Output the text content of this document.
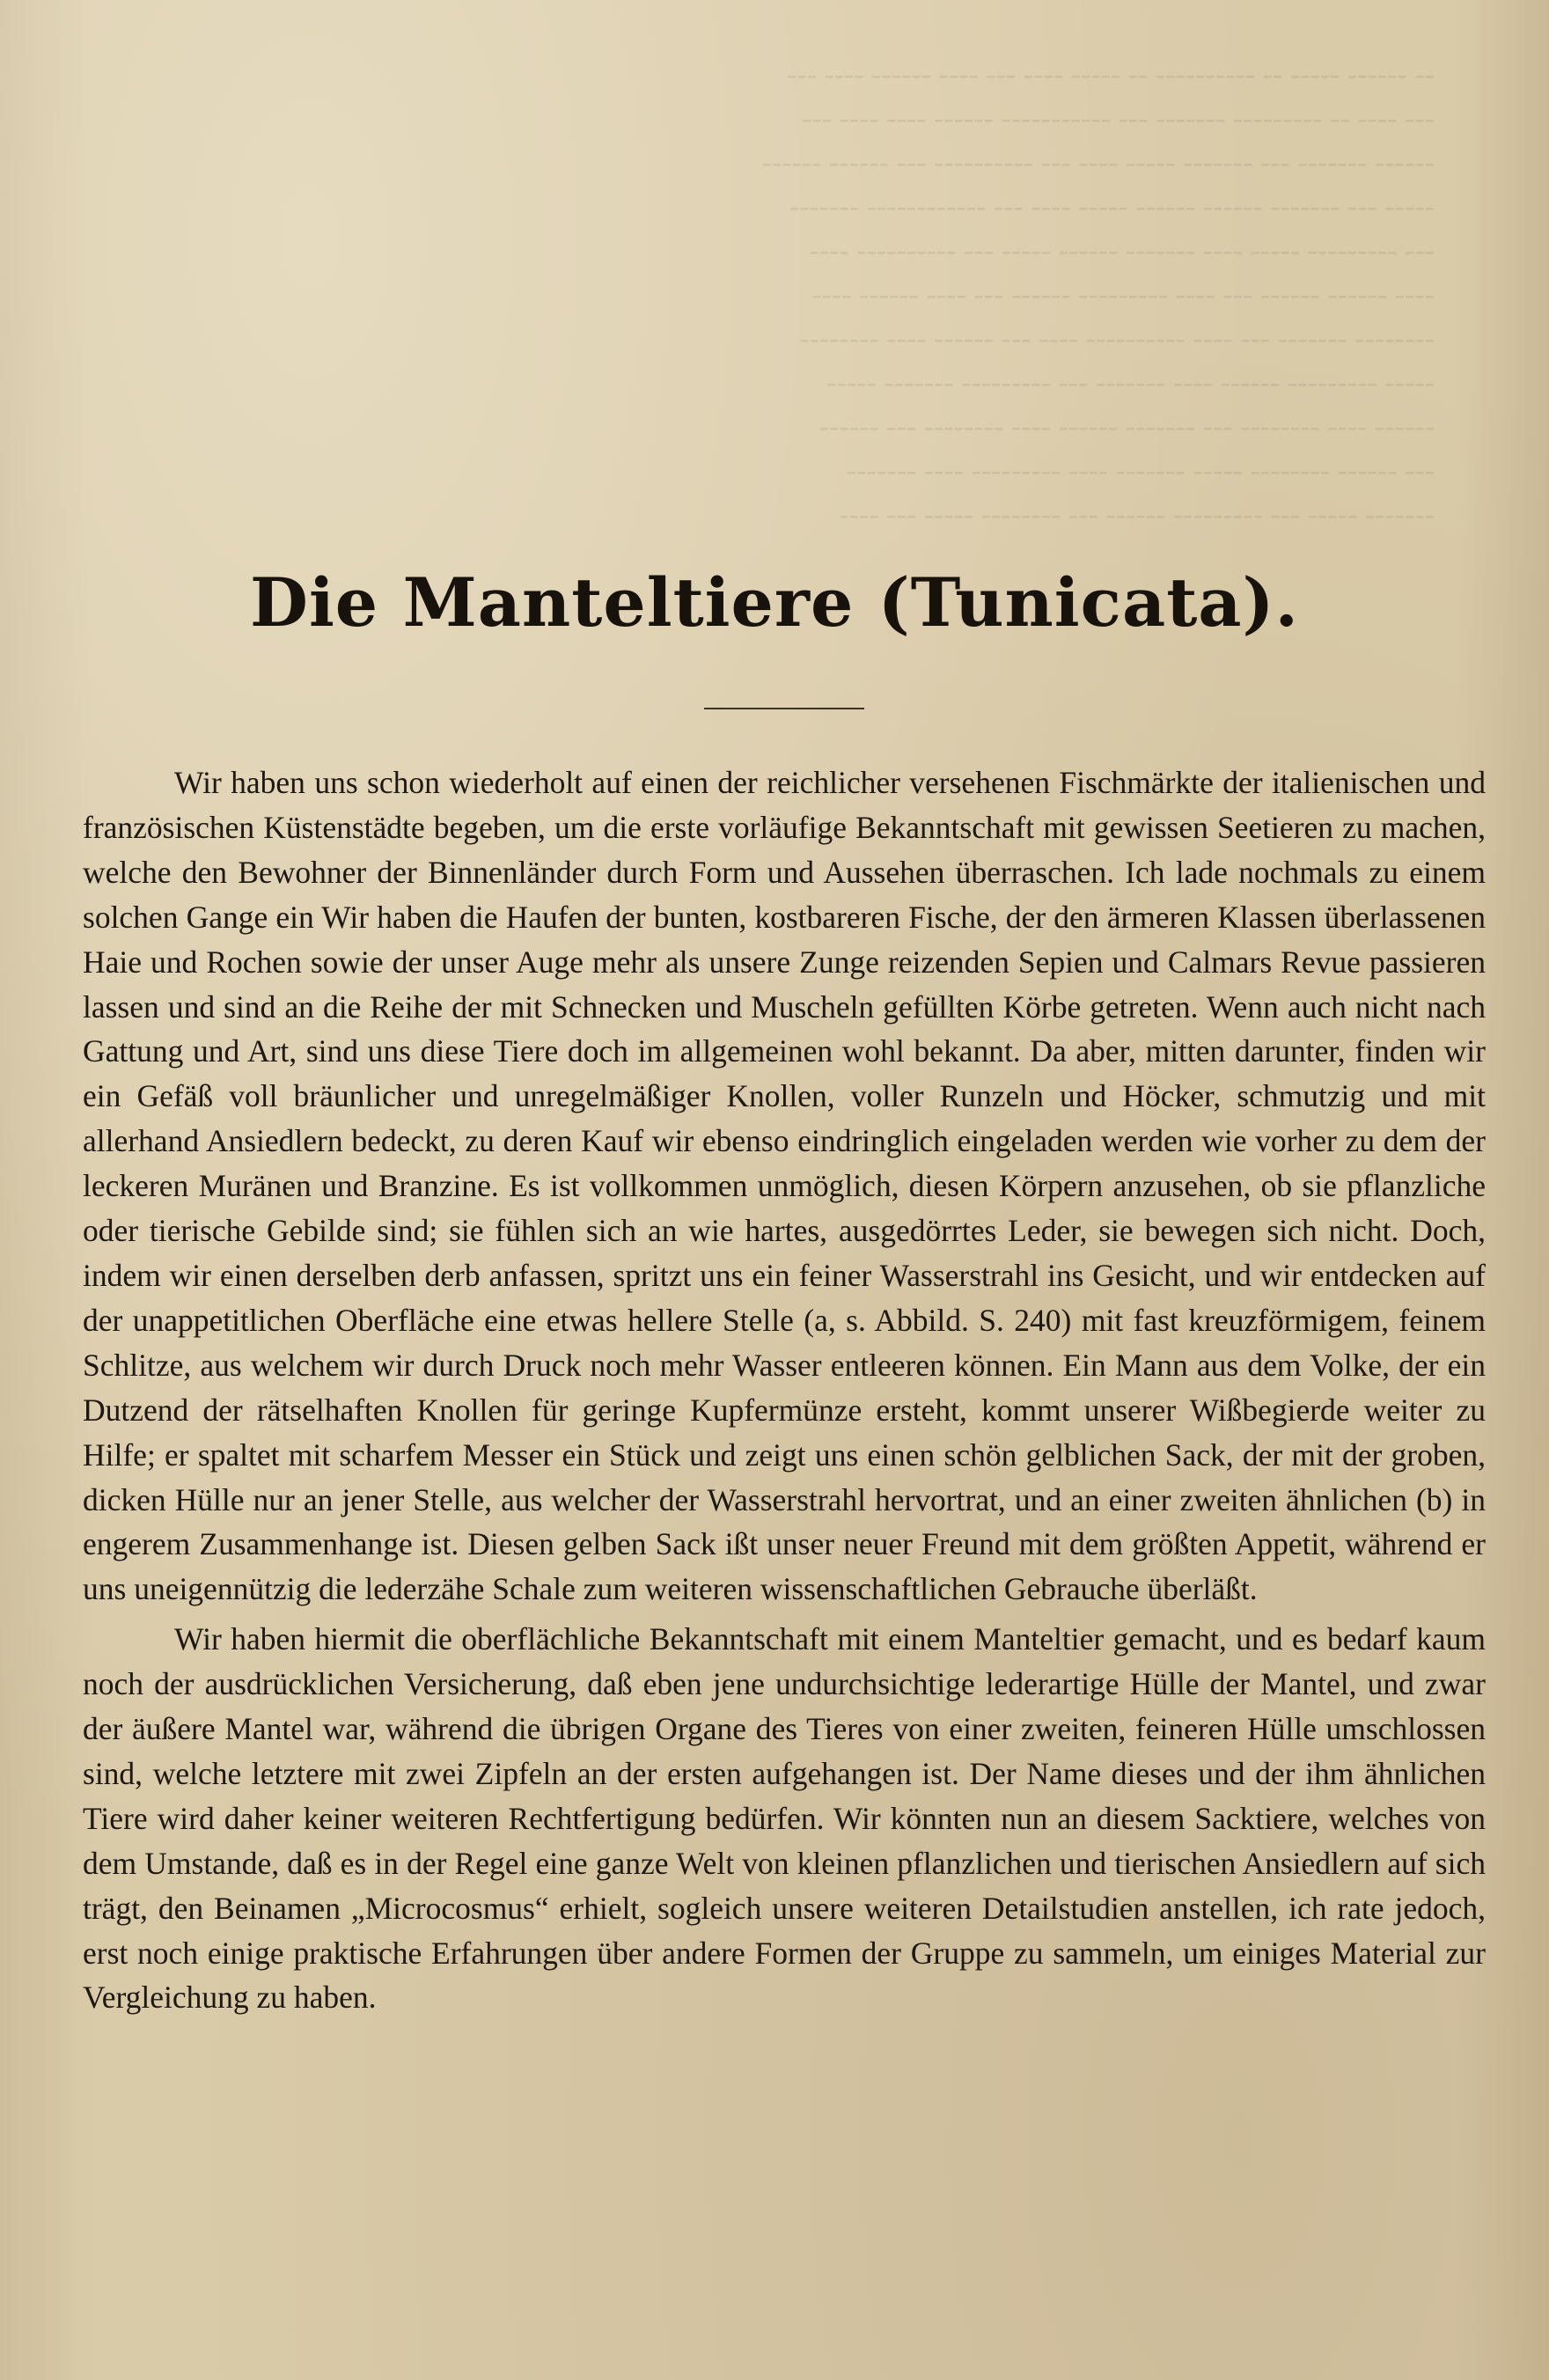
‑‑ ‑‑‑‑‑‑ ‑‑‑‑‑ ‑‑ ‑‑‑‑‑‑‑‑‑‑ ‑‑ ‑‑‑‑‑ ‑‑‑‑ ‑‑‑ ‑‑‑‑ ‑‑‑‑‑‑ ‑‑‑‑ ‑‑‑

‑‑‑ ‑‑‑‑ ‑‑ ‑‑‑‑‑‑‑‑‑ ‑‑‑‑‑‑‑ ‑‑‑ ‑‑‑‑‑‑‑‑‑‑‑ ‑‑‑‑‑‑ ‑‑‑‑ ‑‑‑‑ ‑‑‑

‑‑‑‑‑‑ ‑‑‑‑‑‑‑ ‑‑‑ ‑‑‑‑‑‑‑ ‑‑‑‑‑ ‑‑‑‑ ‑‑‑ ‑‑‑‑‑‑‑‑‑‑ ‑‑‑ ‑‑‑‑‑‑ ‑‑‑‑‑‑

‑‑‑‑‑ ‑‑‑ ‑‑‑‑‑‑‑ ‑‑‑‑‑‑ ‑‑‑‑‑‑ ‑‑‑‑‑ ‑‑‑‑ ‑‑‑ ‑‑‑‑‑‑‑‑‑‑‑‑ ‑‑‑‑‑‑‑

‑‑‑ ‑‑‑‑‑‑‑‑‑ ‑‑‑‑‑ ‑‑‑‑ ‑‑‑‑‑‑‑ ‑‑‑‑‑‑ ‑‑‑‑‑ ‑‑‑ ‑‑‑‑‑‑‑‑‑‑ ‑‑‑‑

‑‑‑‑ ‑‑‑‑‑‑ ‑‑‑‑‑‑ ‑‑‑ ‑‑‑‑ ‑‑‑‑‑‑‑‑‑ ‑‑‑‑‑‑ ‑‑‑ ‑‑‑‑ ‑‑‑‑‑‑ ‑‑‑‑

‑‑‑‑‑‑‑‑ ‑‑‑‑‑‑‑ ‑‑‑ ‑‑‑‑ ‑‑‑‑‑‑‑‑‑‑ ‑‑‑‑ ‑‑‑ ‑‑‑‑‑‑ ‑‑‑‑ ‑‑‑‑‑‑‑‑

‑‑‑‑‑ ‑‑‑‑‑‑‑‑‑ ‑‑‑‑‑‑ ‑‑‑‑ ‑‑‑‑‑‑‑ ‑‑‑ ‑‑‑‑‑‑‑‑‑ ‑‑‑‑‑‑‑ ‑‑‑‑‑

‑‑‑‑‑‑ ‑‑‑‑ ‑‑‑‑‑‑‑‑ ‑‑‑ ‑‑‑‑‑‑‑ ‑‑‑‑‑‑ ‑‑‑‑ ‑‑‑‑‑‑‑‑ ‑‑‑ ‑‑‑‑‑‑

‑‑‑ ‑‑‑‑‑‑ ‑‑‑‑‑‑‑‑ ‑‑‑‑‑ ‑‑‑‑‑‑‑ ‑‑‑‑ ‑‑‑‑‑‑‑‑‑ ‑‑‑‑ ‑‑‑‑‑‑‑

‑‑‑‑‑‑‑ ‑‑‑‑‑ ‑‑‑ ‑‑‑‑‑‑‑‑‑ ‑‑‑‑‑‑ ‑‑‑ ‑‑‑‑‑‑‑‑ ‑‑‑‑‑ ‑‑‑ ‑‑‑‑

Die Manteltiere (Tunicata).

Wir haben uns schon wiederholt auf einen der reichlicher versehenen Fischmärkte der italienischen und französischen Küstenstädte begeben, um die erste vorläufige Bekanntschaft mit gewissen Seetieren zu machen, welche den Bewohner der Binnenländer durch Form und Aussehen überraschen. Ich lade nochmals zu einem solchen Gange ein Wir haben die Haufen der bunten, kostbareren Fische, der den ärmeren Klassen überlassenen Haie und Rochen sowie der unser Auge mehr als unsere Zunge reizenden Sepien und Calmars Revue passieren lassen und sind an die Reihe der mit Schnecken und Muscheln gefüllten Körbe getreten. Wenn auch nicht nach Gattung und Art, sind uns diese Tiere doch im allgemeinen wohl bekannt. Da aber, mitten darunter, finden wir ein Gefäß voll bräunlicher und unregelmäßiger Knollen, voller Runzeln und Höcker, schmutzig und mit allerhand Ansiedlern bedeckt, zu deren Kauf wir ebenso eindringlich eingeladen werden wie vorher zu dem der leckeren Muränen und Branzine. Es ist vollkommen unmöglich, diesen Körpern anzusehen, ob sie pflanzliche oder tierische Gebilde sind; sie fühlen sich an wie hartes, ausgedörrtes Leder, sie bewegen sich nicht. Doch, indem wir einen derselben derb anfassen, spritzt uns ein feiner Wasserstrahl ins Gesicht, und wir entdecken auf der unappetitlichen Oberfläche eine etwas hellere Stelle (a, s. Abbild. S. 240) mit fast kreuzförmigem, feinem Schlitze, aus welchem wir durch Druck noch mehr Wasser entleeren können. Ein Mann aus dem Volke, der ein Dutzend der rätselhaften Knollen für geringe Kupfermünze ersteht, kommt unserer Wißbegierde weiter zu Hilfe; er spaltet mit scharfem Messer ein Stück und zeigt uns einen schön gelblichen Sack, der mit der groben, dicken Hülle nur an jener Stelle, aus welcher der Wasserstrahl hervortrat, und an einer zweiten ähnlichen (b) in engerem Zusammenhange ist. Diesen gelben Sack ißt unser neuer Freund mit dem größten Appetit, während er uns uneigennützig die lederzähe Schale zum weiteren wissenschaftlichen Gebrauche überläßt.

Wir haben hiermit die oberflächliche Bekanntschaft mit einem Manteltier gemacht, und es bedarf kaum noch der ausdrücklichen Versicherung, daß eben jene undurchsichtige lederartige Hülle der Mantel, und zwar der äußere Mantel war, während die übrigen Organe des Tieres von einer zweiten, feineren Hülle umschlossen sind, welche letztere mit zwei Zipfeln an der ersten aufgehangen ist. Der Name dieses und der ihm ähnlichen Tiere wird daher keiner weiteren Rechtfertigung bedürfen. Wir könnten nun an diesem Sacktiere, welches von dem Umstande, daß es in der Regel eine ganze Welt von kleinen pflanzlichen und tierischen Ansiedlern auf sich trägt, den Beinamen „Microcosmus“ erhielt, sogleich unsere weiteren Detailstudien anstellen, ich rate jedoch, erst noch einige praktische Erfahrungen über andere Formen der Gruppe zu sammeln, um einiges Material zur Vergleichung zu haben.
